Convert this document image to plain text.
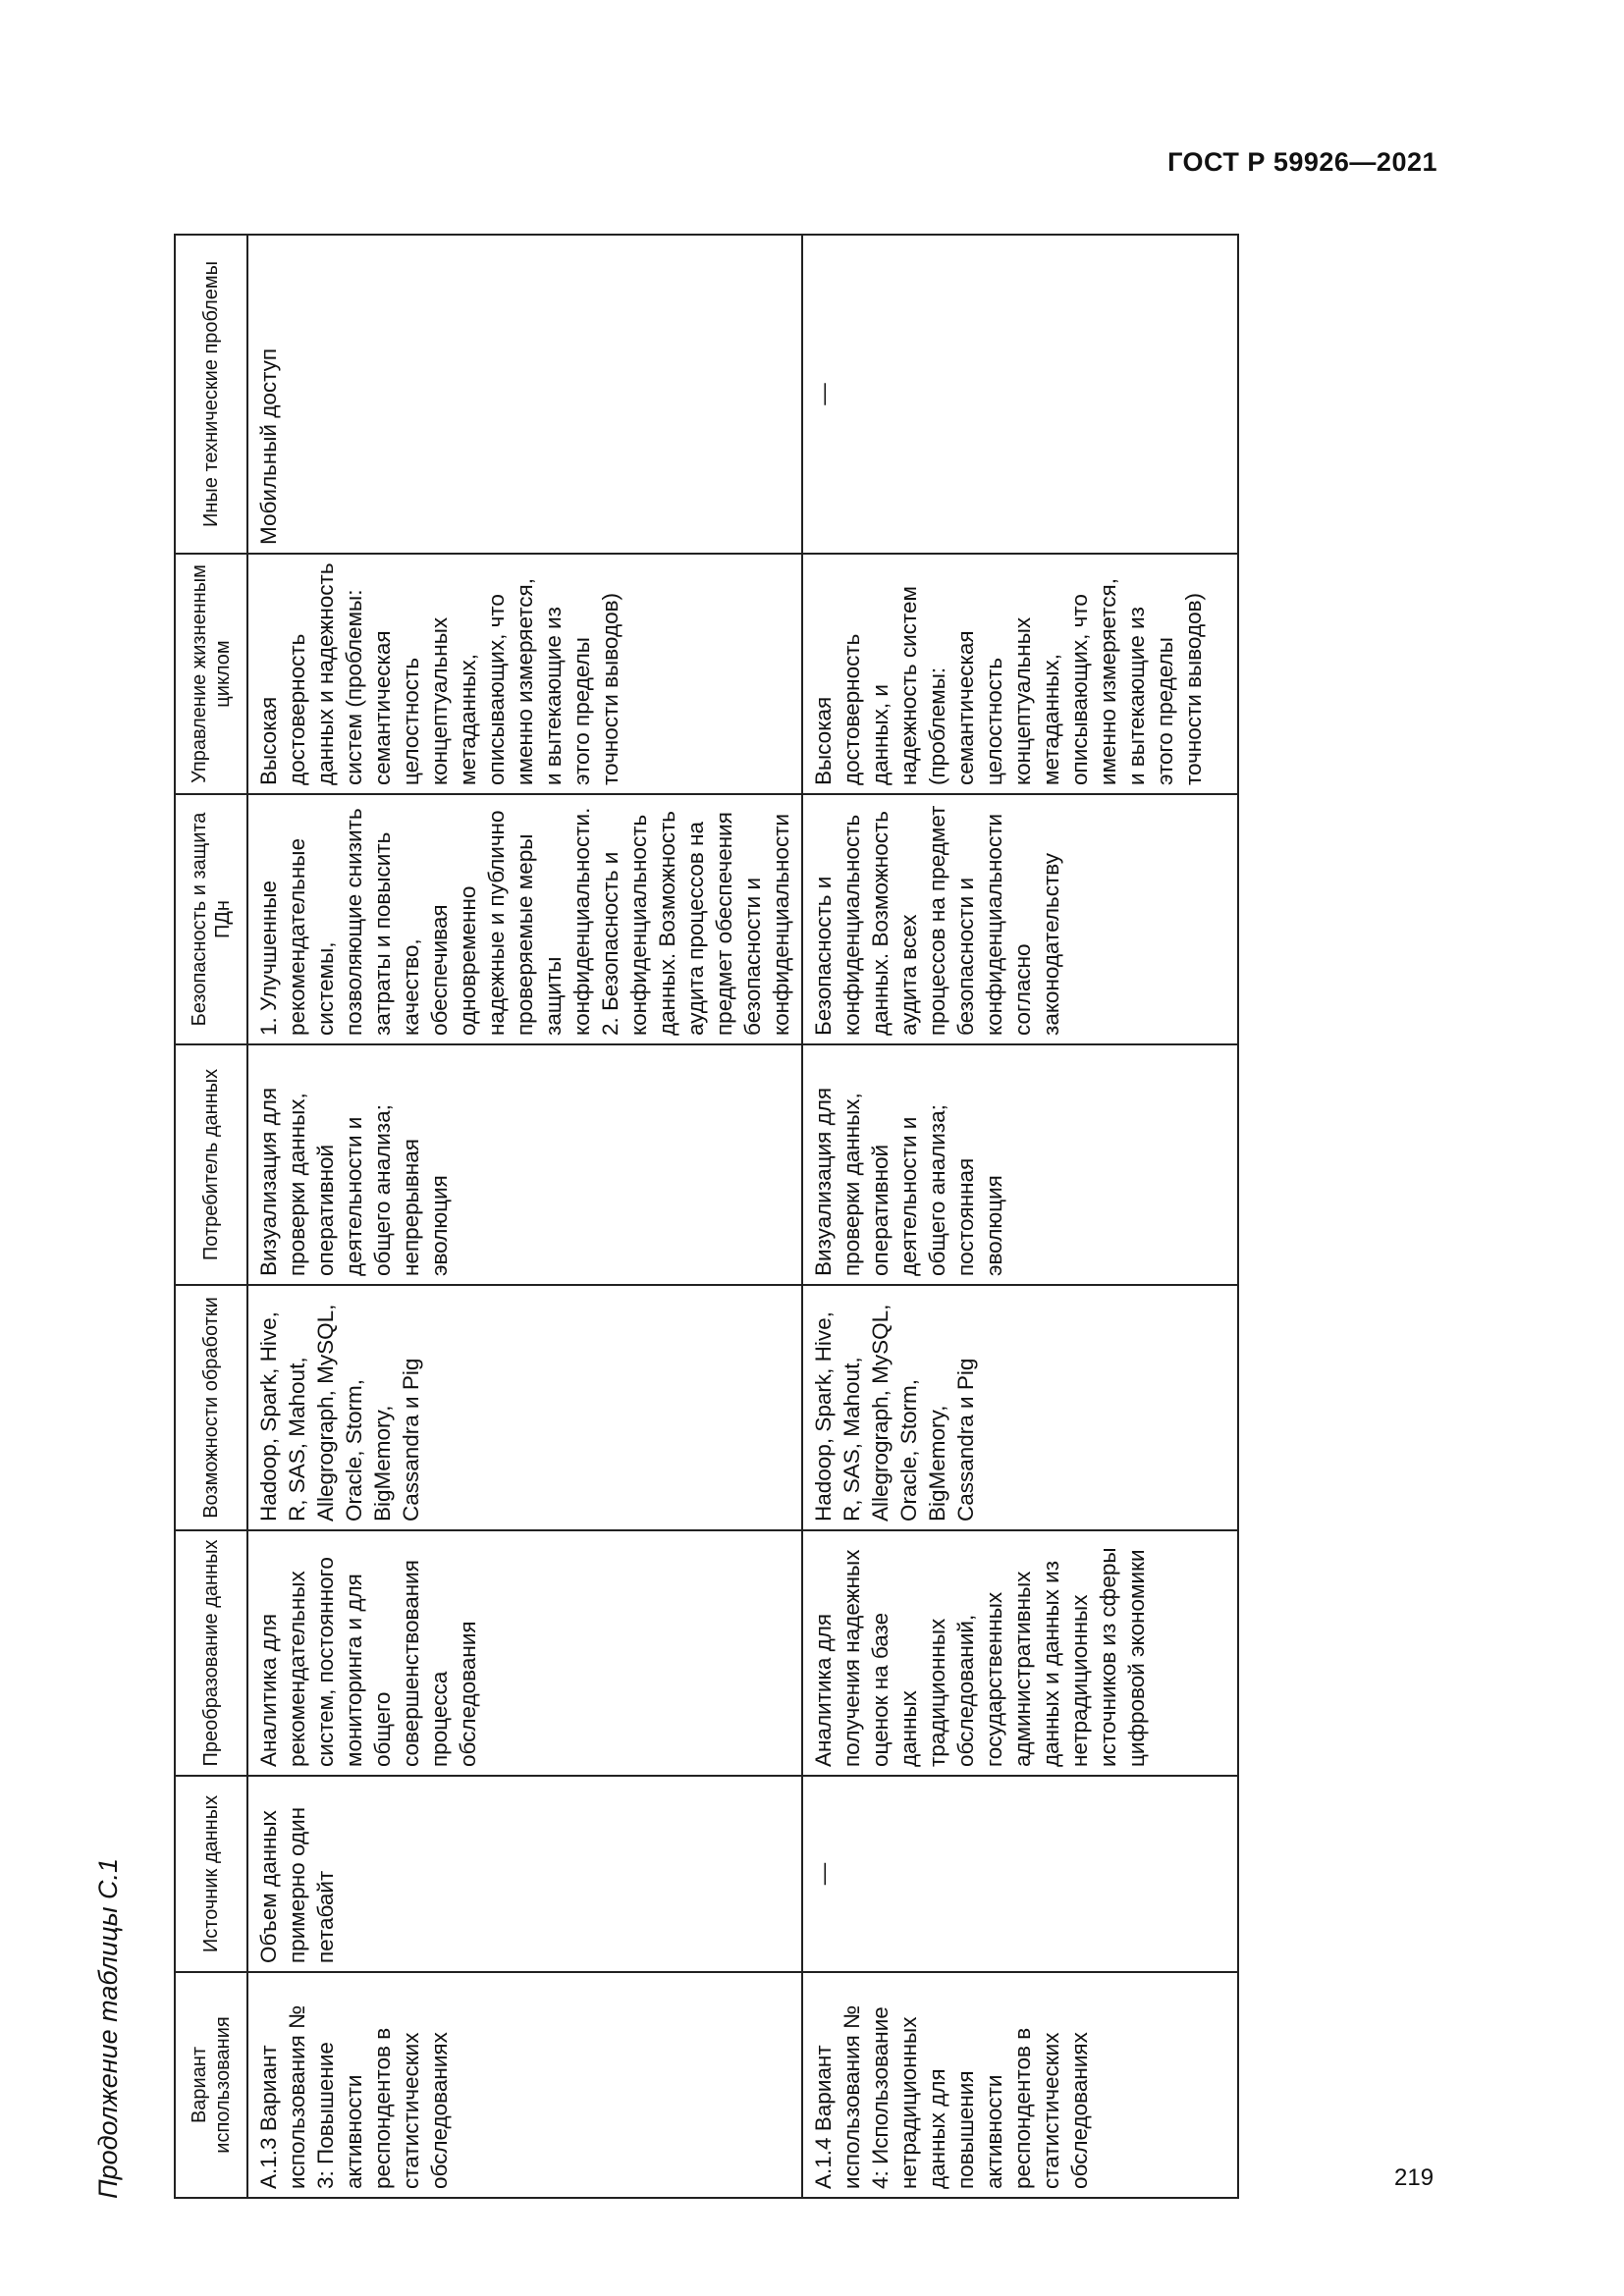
ГОСТ Р 59926—2021
Продолжение таблицы С.1	Вариант использования	Источник данных	Преобразование данных	Возможности обработки	Потребитель данных	Безопасность и защита ПДн	Управление жизненным циклом	Иные технические проблемы
А.1.3 Вариант использования № 3: Повышение активности респондентов в статистических обследованиях	Объем данных примерно один петабайт	Аналитика для рекомендательных систем, постоянного мониторинга и для общего совершенствования процесса обследования	Hadoop, Spark, Hive, R, SAS, Mahout, Allegrograph, MySQL, Oracle, Storm, BigMemory, Cassandra и Pig	Визуализация для проверки данных, оперативной деятельности и общего анализа; непрерывная эволюция	1. Улучшенные рекомендательные системы, позволяющие снизить затраты и повысить качество, обеспечивая одновременно надежные и публично проверяемые меры защиты конфиденциальности. 2. Безопасность и конфиденциальность данных. Возможность аудита процессов на предмет обеспечения безопасности и конфиденциальности	Высокая достоверность данных и надежность систем (проблемы: семантическая целостность концептуальных метаданных, описывающих, что именно измеряется, и вытекающие из этого пределы точности выводов)	Мобильный доступ
А.1.4 Вариант использования № 4: Использование нетрадиционных данных для повышения активности респондентов в статистических обследованиях	—	Аналитика для получения надежных оценок на базе данных традиционных обследований, государственных административных данных и данных из нетрадиционных источников из сферы цифровой экономики	Hadoop, Spark, Hive, R, SAS, Mahout, Allegrograph, MySQL, Oracle, Storm, BigMemory, Cassandra и Pig	Визуализация для проверки данных, оперативной деятельности и общего анализа; постоянная эволюция	Безопасность и конфиденциальность данных. Возможность аудита всех процессов на предмет безопасности и конфиденциальности согласно законодательству	Высокая достоверность данных, и надежность систем (проблемы: семантическая целостность концептуальных метаданных, описывающих, что именно измеряется, и вытекающие из этого пределы точности выводов)	—
219
